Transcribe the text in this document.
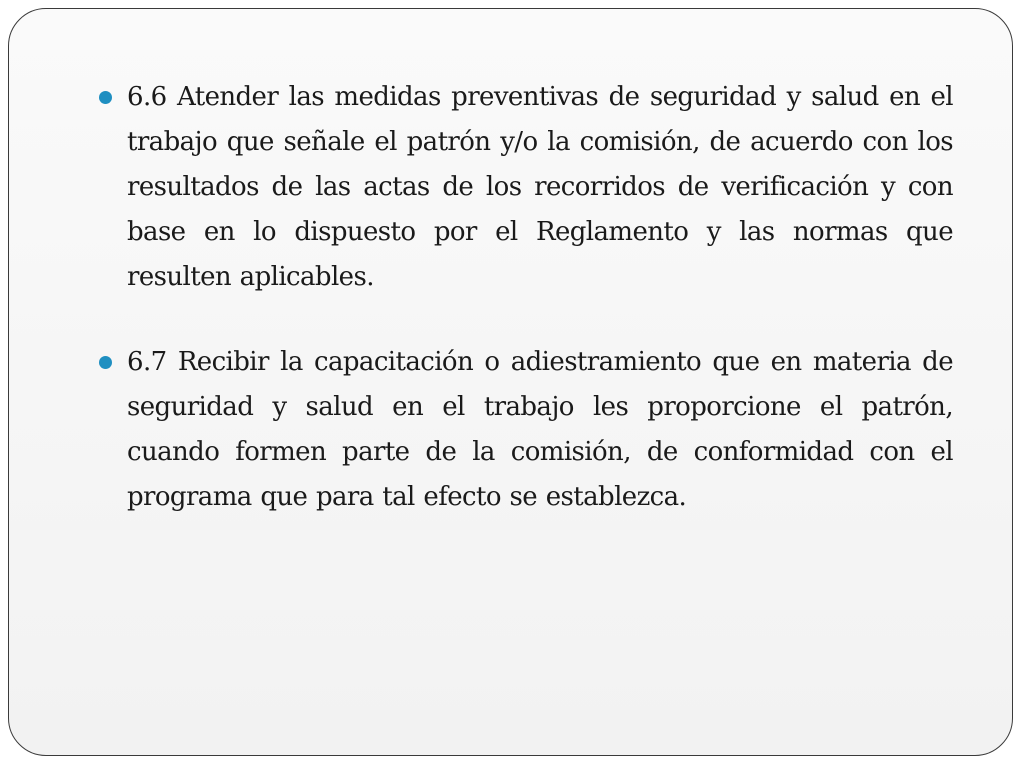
6.6 Atender las medidas preventivas de seguridad y salud en el trabajo que señale el patrón y/o la comisión, de acuerdo con los resultados de las actas de los recorridos de verificación y con base en lo dispuesto por el Reglamento y las normas que resulten aplicables.
6.7 Recibir la capacitación o adiestramiento que en materia de seguridad y salud en el trabajo les proporcione el patrón, cuando formen parte de la comisión, de conformidad con el programa que para tal efecto se establezca.
